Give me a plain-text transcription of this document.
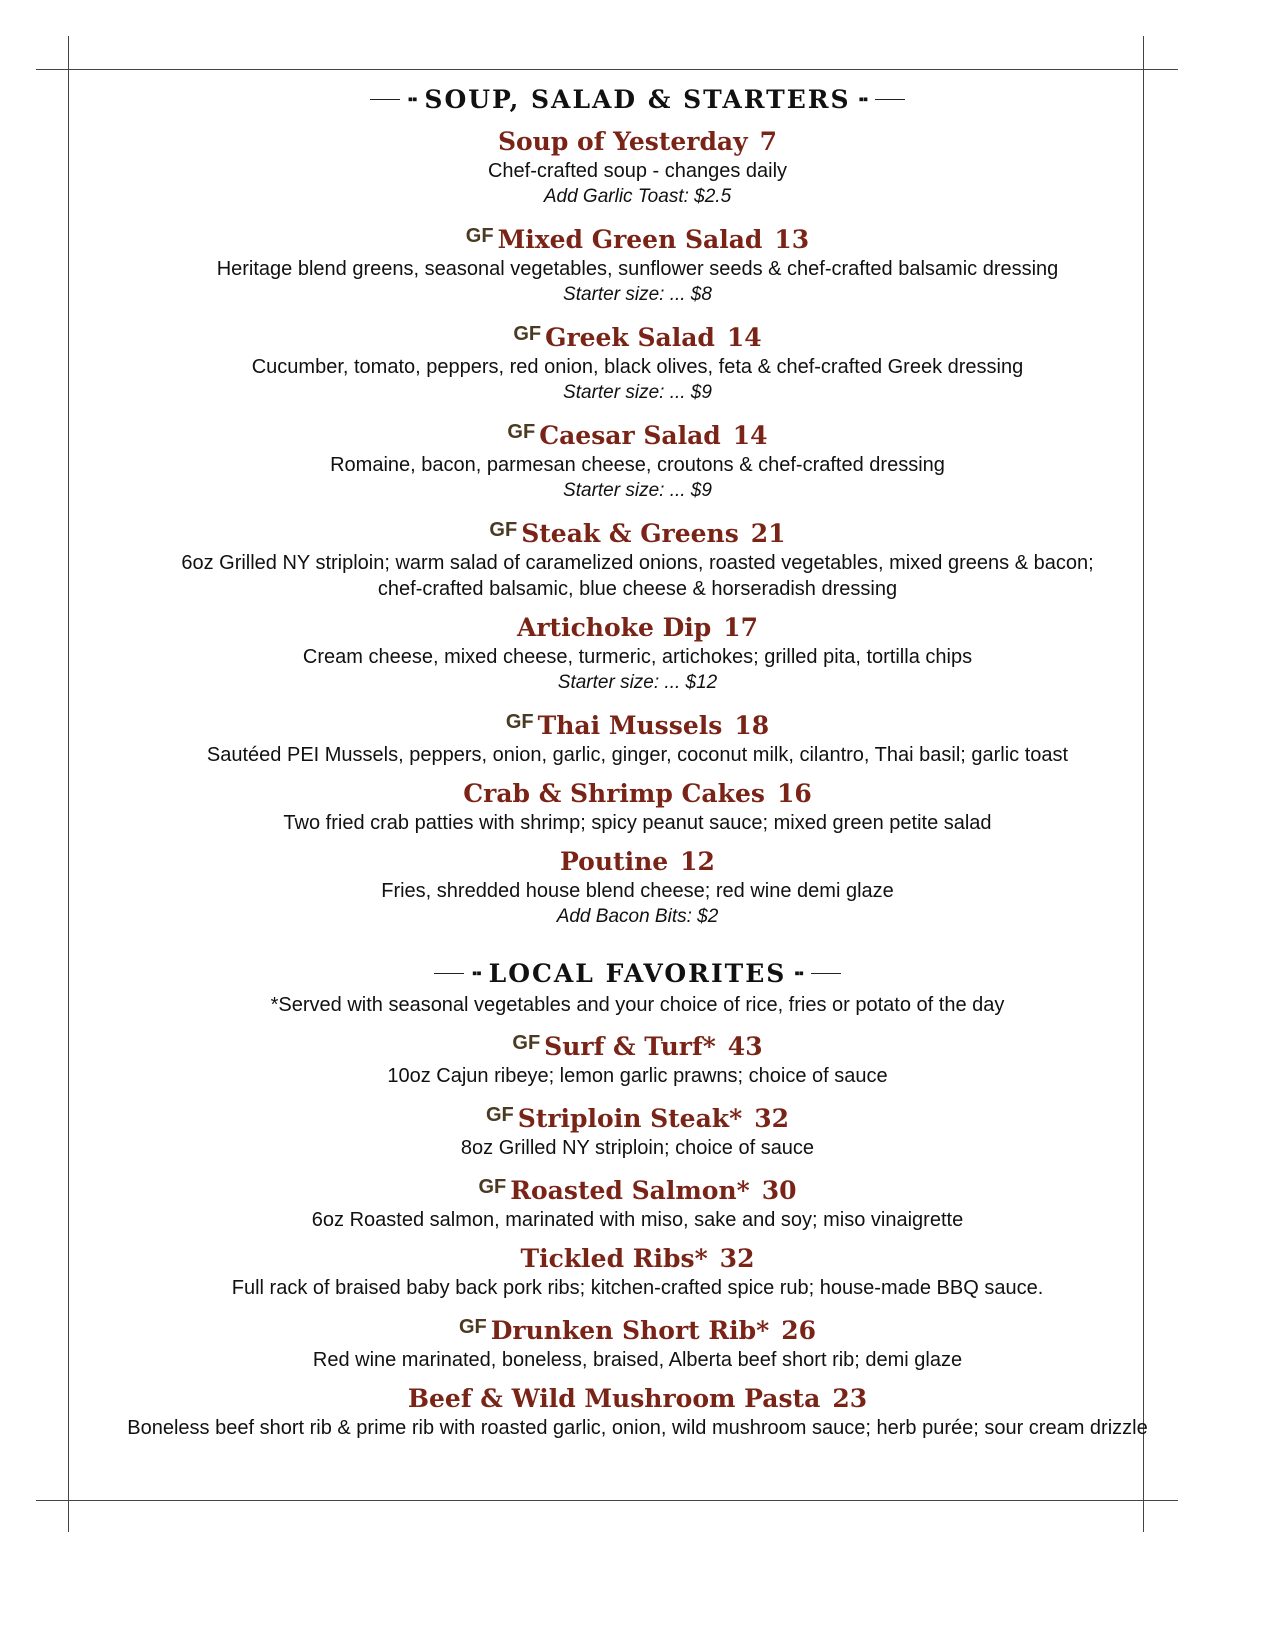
▪▪ SOUP, SALAD & STARTERS ▪▪
Soup of Yesterday 7
Chef-crafted soup - changes daily
Add Garlic Toast: $2.5
$^{GF}$ Mixed Green Salad 13
Heritage blend greens, seasonal vegetables, sunflower seeds & chef-crafted balsamic dressing
Starter size: ... $8
$^{GF}$ Greek Salad 14
Cucumber, tomato, peppers, red onion, black olives, feta & chef-crafted Greek dressing
Starter size: ... $9
$^{GF}$ Caesar Salad 14
Romaine, bacon, parmesan cheese, croutons & chef-crafted dressing
Starter size: ... $9
$^{GF}$ Steak & Greens 21
6oz Grilled NY striploin; warm salad of caramelized onions, roasted vegetables, mixed greens & bacon;
chef-crafted balsamic, blue cheese & horseradish dressing
Artichoke Dip 17
Cream cheese, mixed cheese, turmeric, artichokes; grilled pita, tortilla chips
Starter size: ... $12
$^{GF}$ Thai Mussels 18
Sautéed PEI Mussels, peppers, onion, garlic, ginger, coconut milk, cilantro, Thai basil; garlic toast
Crab & Shrimp Cakes 16
Two fried crab patties with shrimp; spicy peanut sauce; mixed green petite salad
Poutine 12
Fries, shredded house blend cheese; red wine demi glaze
Add Bacon Bits: $2
▪▪ LOCAL FAVORITES ▪▪
*Served with seasonal vegetables and your choice of rice, fries or potato of the day
$^{GF}$ Surf & Turf* 43
10oz Cajun ribeye; lemon garlic prawns; choice of sauce
$^{GF}$ Striploin Steak* 32
8oz Grilled NY striploin; choice of sauce
$^{GF}$ Roasted Salmon* 30
6oz Roasted salmon, marinated with miso, sake and soy; miso vinaigrette
Tickled Ribs* 32
Full rack of braised baby back pork ribs; kitchen-crafted spice rub; house-made BBQ sauce.
$^{GF}$ Drunken Short Rib* 26
Red wine marinated, boneless, braised, Alberta beef short rib; demi glaze
Beef & Wild Mushroom Pasta 23
Boneless beef short rib & prime rib with roasted garlic, onion, wild mushroom sauce; herb purée; sour cream drizzle
